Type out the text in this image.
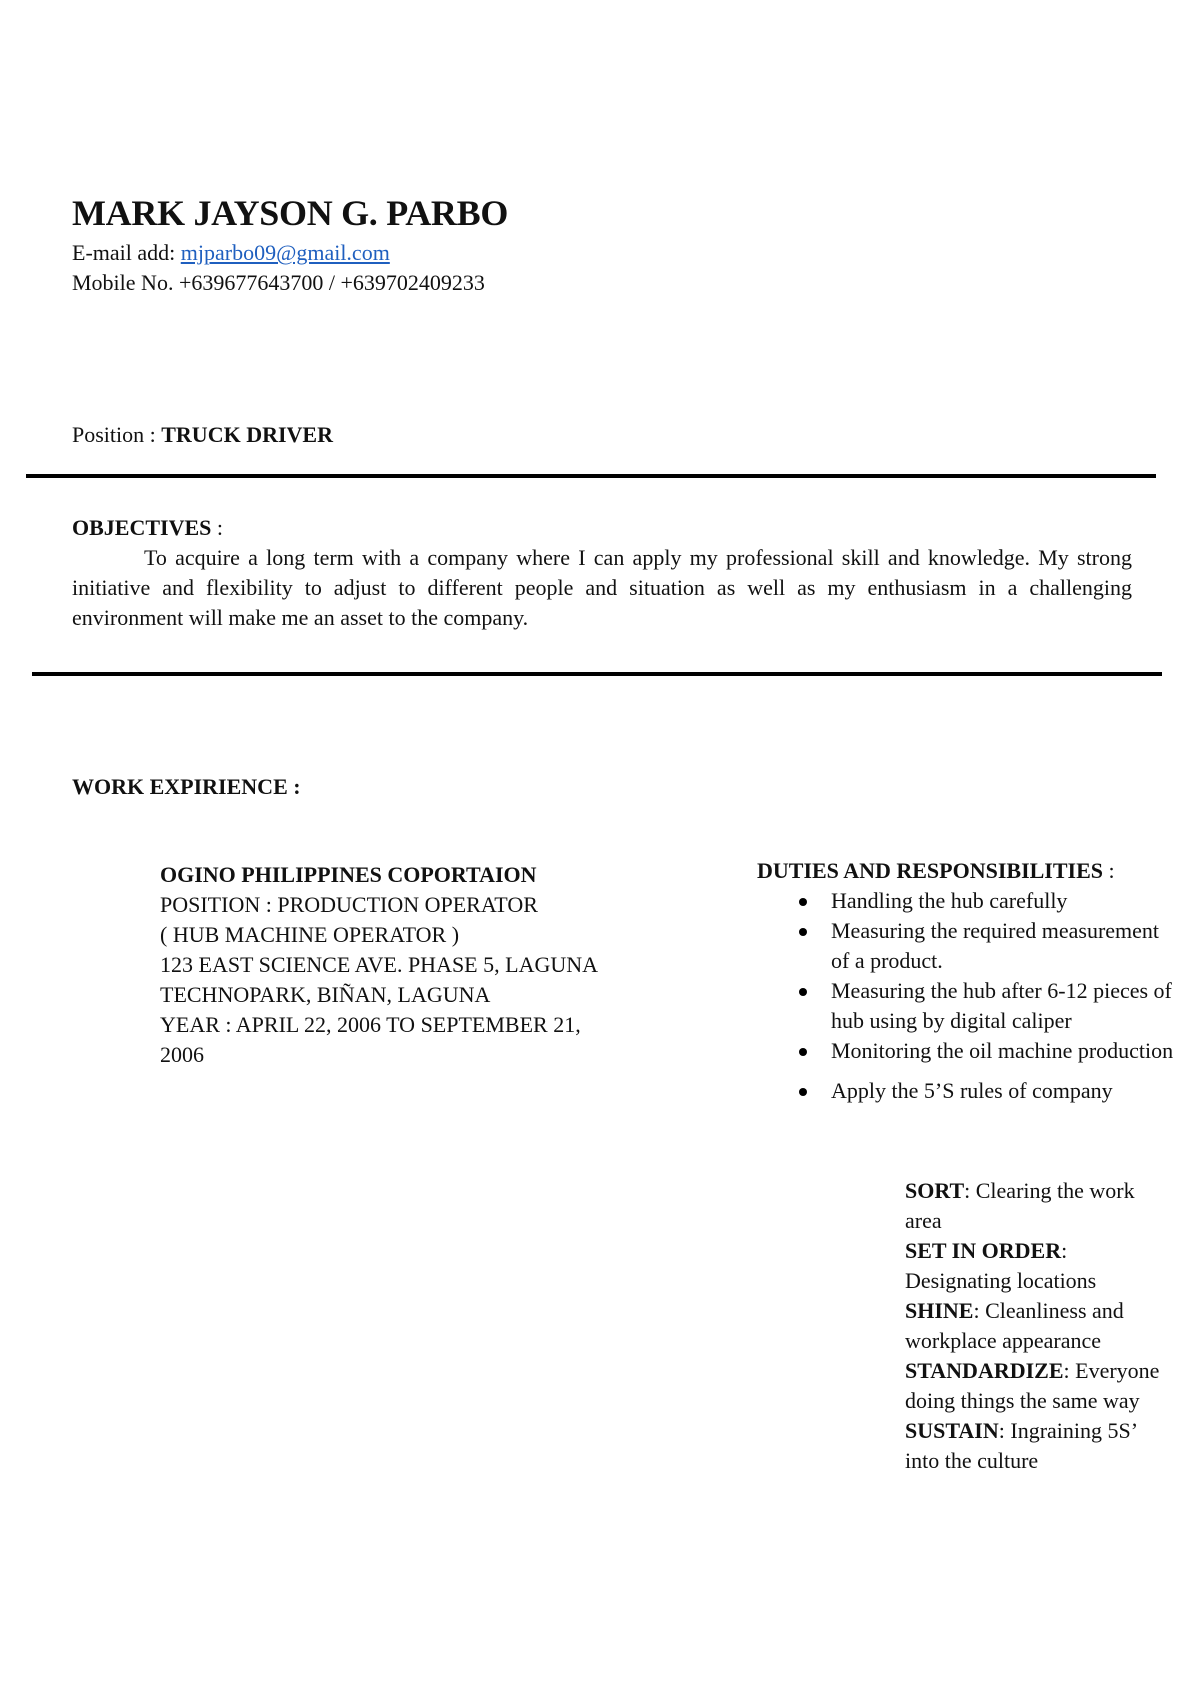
MARK JAYSON G. PARBO
E-mail add: mjparbo09@gmail.com
Mobile No. +639677643700 / +639702409233
Position : TRUCK DRIVER
OBJECTIVES :
To acquire a long term with a company where I can apply my professional skill and knowledge. My strong initiative and flexibility to adjust to different people and situation as well as my enthusiasm in a challenging environment will make me an asset to the company.
WORK EXPIRIENCE :
OGINO PHILIPPINES COPORTAION
POSITION : PRODUCTION OPERATOR
( HUB MACHINE OPERATOR )
123 EAST SCIENCE AVE. PHASE 5, LAGUNA TECHNOPARK, BIÑAN, LAGUNA
YEAR : APRIL 22, 2006 TO SEPTEMBER 21, 2006
DUTIES AND RESPONSIBILITIES :
Handling the hub carefully
Measuring the required measurement of a product.
Measuring the hub after 6-12 pieces of hub using by digital caliper
Monitoring the oil machine production
Apply the 5’S rules of company
SORT: Clearing the work area
SET IN ORDER: Designating locations
SHINE: Cleanliness and workplace appearance
STANDARDIZE: Everyone doing things the same way
SUSTAIN: Ingraining 5S’ into the culture
